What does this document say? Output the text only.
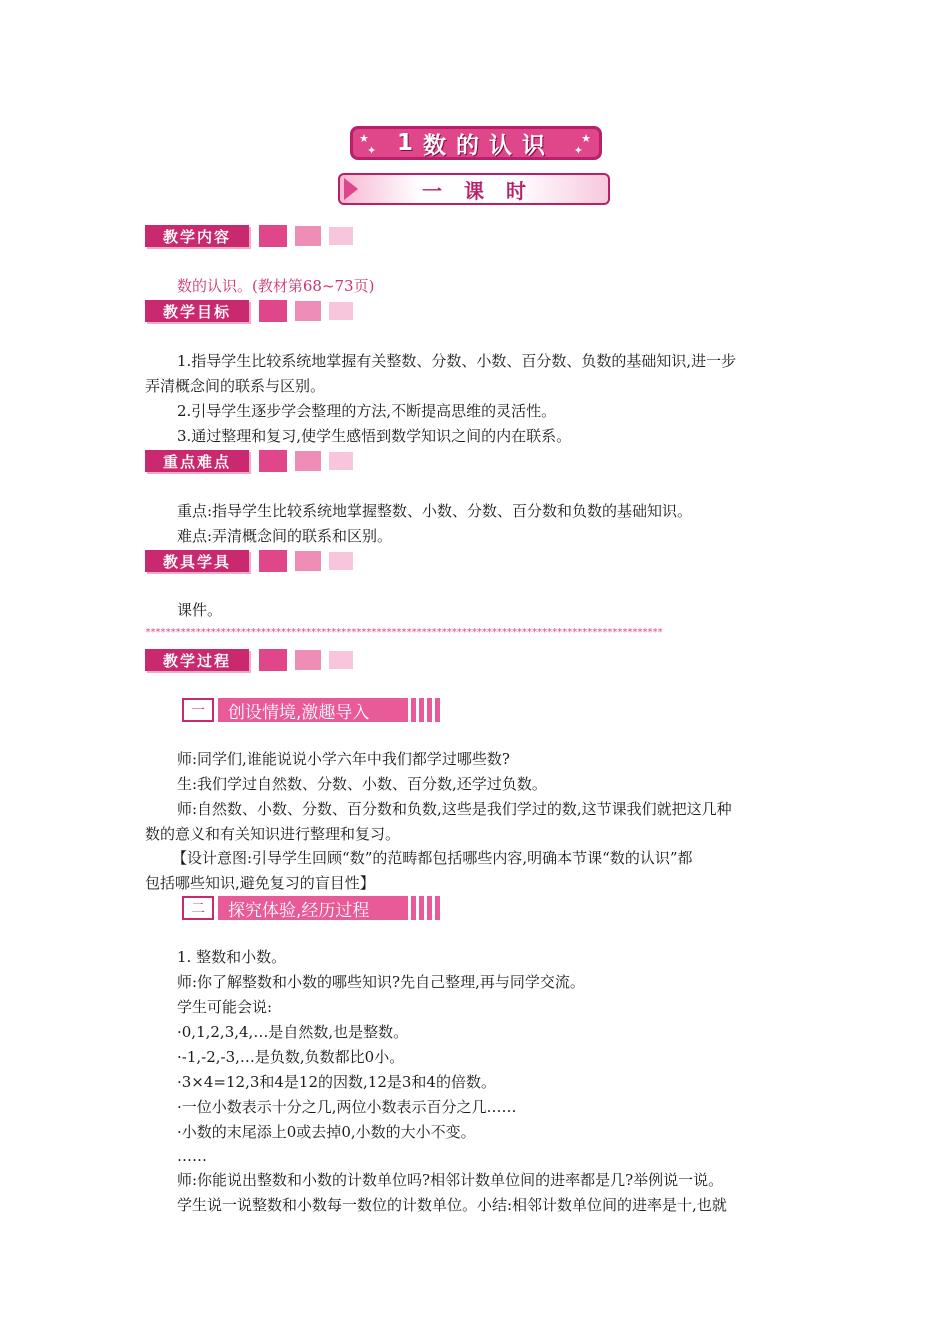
★
✦
★
✦
1 数的认识
一课时
教学内容
数的认识。(教材第68~73页)
教学目标
1.指导学生比较系统地掌握有关整数、分数、小数、百分数、负数的基础知识,进一步
弄清概念间的联系与区别。
2.引导学生逐步学会整理的方法,不断提高思维的灵活性。
3.通过整理和复习,使学生感悟到数学知识之间的内在联系。
重点难点
重点:指导学生比较系统地掌握整数、小数、分数、百分数和负数的基础知识。
难点:弄清概念间的联系和区别。
教具学具
课件。
*******************************************************************************************************
教学过程
一	创设情境,激趣导入
师:同学们,谁能说说小学六年中我们都学过哪些数?
生:我们学过自然数、分数、小数、百分数,还学过负数。
师:自然数、小数、分数、百分数和负数,这些是我们学过的数,这节课我们就把这几种
数的意义和有关知识进行整理和复习。
【设计意图:引导学生回顾“数”的范畴都包括哪些内容,明确本节课“数的认识”都
包括哪些知识,避免复习的盲目性】
二	探究体验,经历过程
1. 整数和小数。
师:你了解整数和小数的哪些知识?先自己整理,再与同学交流。
学生可能会说:
·0,1,2,3,4,…是自然数,也是整数。
·-1,-2,-3,…是负数,负数都比0小。
·3×4=12,3和4是12的因数,12是3和4的倍数。
·一位小数表示十分之几,两位小数表示百分之几……
·小数的末尾添上0或去掉0,小数的大小不变。
……
师:你能说出整数和小数的计数单位吗?相邻计数单位间的进率都是几?举例说一说。
学生说一说整数和小数每一数位的计数单位。小结:相邻计数单位间的进率是十,也就
